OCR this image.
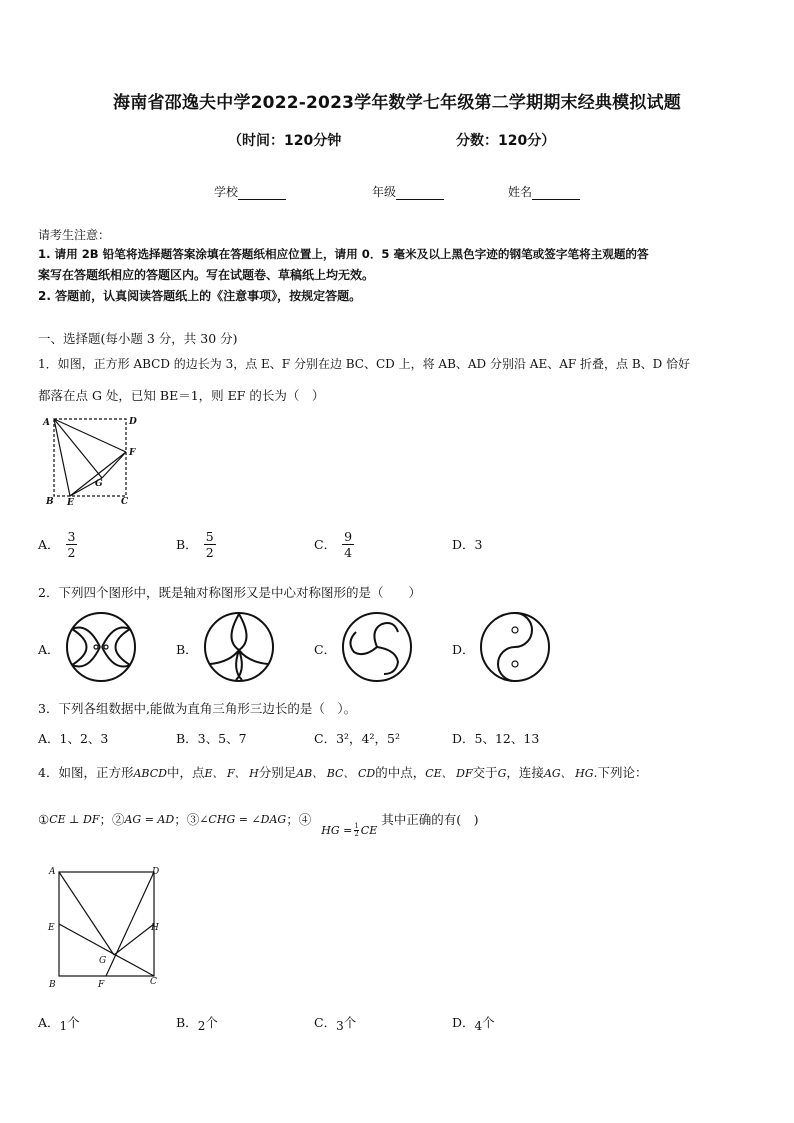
海南省邵逸夫中学2022-2023学年数学七年级第二学期期末经典模拟试题
（时间：120分钟	分数：120分）
学校	年级	姓名
请考生注意：
1. 请用 2B 铅笔将选择题答案涂填在答题纸相应位置上，请用 0．5 毫米及以上黑色字迹的钢笔或签字笔将主观题的答
案写在答题纸相应的答题区内。写在试题卷、草稿纸上均无效。
2. 答题前，认真阅读答题纸上的《注意事项》，按规定答题。
一、选择题(每小题 3 分，共 30 分)
1．如图，正方形 ABCD 的边长为 3，点 E、F 分别在边 BC、CD 上，将 AB、AD 分别沿 AE、AF 折叠，点 B、D 恰好
都落在点 G 处，已知 BE＝1，则 EF 的长为（　）
A	D
F
G
B E	C
A． $\frac{3}{2}$	B． $\frac{5}{2}$	C． $\frac{9}{4}$	D． 3
2．下列四个图形中，既是轴对称图形又是中心对称图形的是（　　）
A．	B．	C．	D．
3．下列各组数据中,能做为直角三角形三边长的是（　）。
A．1、2、3	B．3、5、7	C．3²，4²，5²	D．5、12、13
4．如图，正方形ABCD中，点E、 F、 H分别足AB、 BC、 CD的中点，CE、 DF交于G，连接AG、 HG.下列论：
① CE ⊥ DF ；② AG = AD ；③ ∠CHG = ∠DAG ；④
HG = $\frac{1}{2}$ CE
其中正确的有(　)
A	D
E	H
G
B	F	C
A．1个	B．2个	C．3个	D．4个
